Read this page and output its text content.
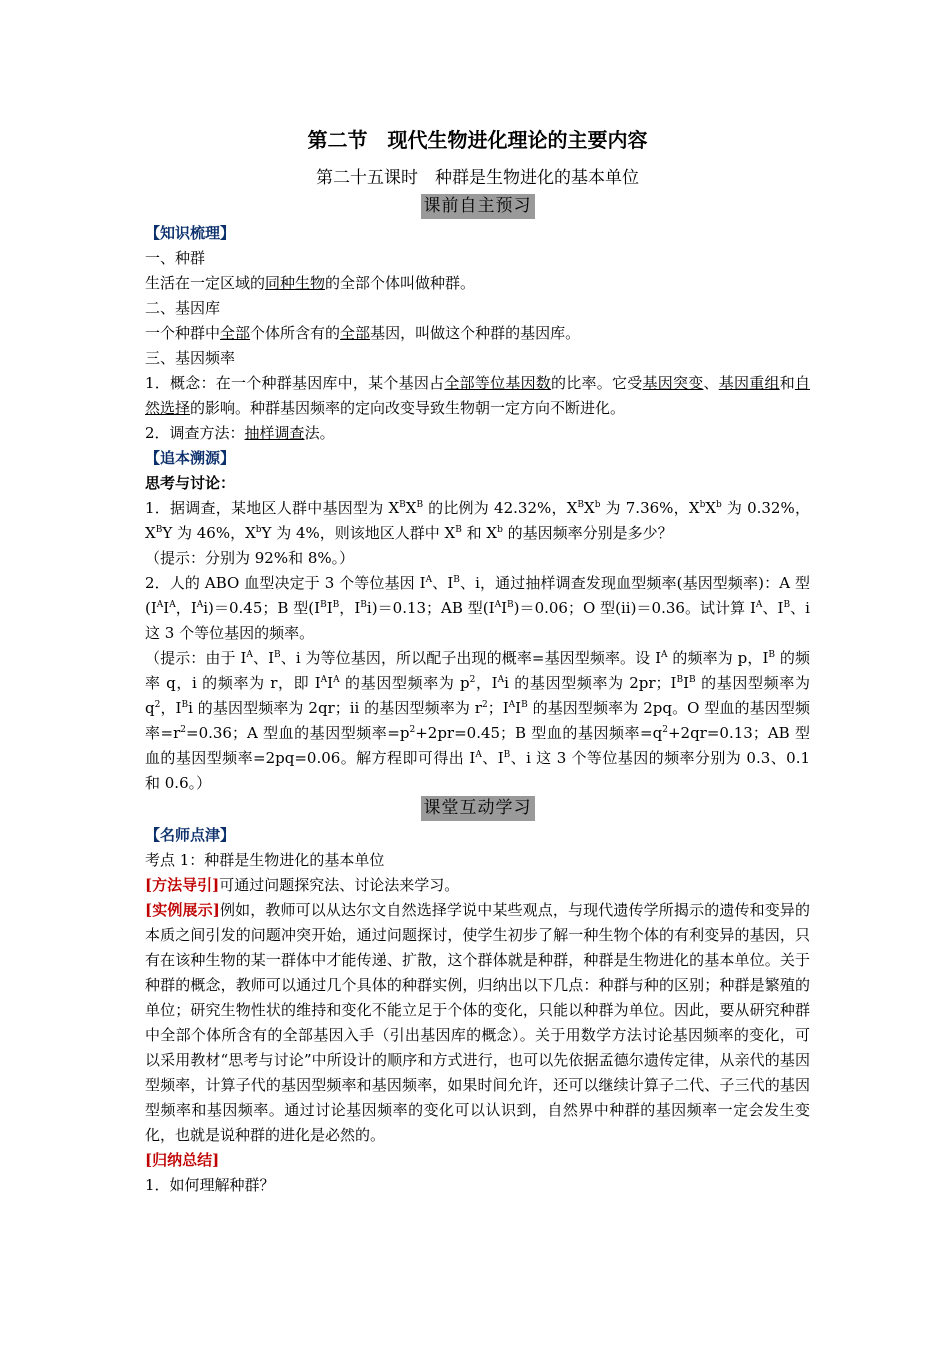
第二节　现代生物进化理论的主要内容
第二十五课时　种群是生物进化的基本单位
课前自主预习

【知识梳理】

一、种群

生活在一定区域的同种生物的全部个体叫做种群。

二、基因库

一个种群中全部个体所含有的全部基因，叫做这个种群的基因库。

三、基因频率

1．概念：在一个种群基因库中，某个基因占全部等位基因数的比率。它受基因突变、基因重组和自然选择的影响。种群基因频率的定向改变导致生物朝一定方向不断进化。

2．调查方法：抽样调查法。

【追本溯源】

思考与讨论：

1．据调查，某地区人群中基因型为 $X^BX^B$ 的比例为 42.32%，$X^BX^b$ 为 7.36%，$X^bX^b$ 为 0.32%，$X^BY$ 为 46%，$X^bY$ 为 4%，则该地区人群中 $X^B$ 和 $X^b$ 的基因频率分别是多少？

（提示：分别为 92%和 8%。）

2．人的 ABO 血型决定于 3 个等位基因 $I^A$、$I^B$、i，通过抽样调查发现血型频率(基因型频率)：A 型($I^AI^A$，$I^Ai)=0.45$；B 型($I^BI^B$，$I^Bi)=0.13$；AB 型$(I^AI^B)=0.06$；O 型(ii)＝0.36。试计算 $I^A$、$I^B$、i 这 3 个等位基因的频率。

（提示：由于 $I^A$、$I^B$、i 为等位基因，所以配子出现的概率=基因型频率。设 $I^A$ 的频率为 p，$I^B$ 的频率 q，i 的频率为 r，即 $I^AI^A$ 的基因型频率为 $p^2$，$I^Ai$ 的基因型频率为 2pr；$I^BI^B$ 的基因型频率为 $q^2$，$I^Bi$ 的基因型频率为 2qr；ii 的基因型频率为 $r^2$；$I^AI^B$ 的基因型频率为 2pq。O 型血的基因型频率$=r^2=0.36$；A 型血的基因型频率$=p^2+2pr=0.45$；B 型血的基因频率$=q^2+2qr=0.13$；AB 型血的基因型频率=2pq=0.06。解方程即可得出 $I^A$、$I^B$、i 这 3 个等位基因的频率分别为 0.3、0.1 和 0.6。）

课堂互动学习

【名师点津】

考点 1：种群是生物进化的基本单位

[方法导引]可通过问题探究法、讨论法来学习。

[实例展示]例如，教师可以从达尔文自然选择学说中某些观点，与现代遗传学所揭示的遗传和变异的本质之间引发的问题冲突开始，通过问题探讨，使学生初步了解一种生物个体的有利变异的基因，只有在该种生物的某一群体中才能传递、扩散，这个群体就是种群，种群是生物进化的基本单位。关于种群的概念，教师可以通过几个具体的种群实例，归纳出以下几点：种群与种的区别；种群是繁殖的单位；研究生物性状的维持和变化不能立足于个体的变化，只能以种群为单位。因此，要从研究种群中全部个体所含有的全部基因入手（引出基因库的概念）。关于用数学方法讨论基因频率的变化，可以采用教材“思考与讨论”中所设计的顺序和方式进行，也可以先依据孟德尔遗传定律，从亲代的基因型频率，计算子代的基因型频率和基因频率，如果时间允许，还可以继续计算子二代、子三代的基因型频率和基因频率。通过讨论基因频率的变化可以认识到，自然界中种群的基因频率一定会发生变化，也就是说种群的进化是必然的。

[归纳总结]

1．如何理解种群？
